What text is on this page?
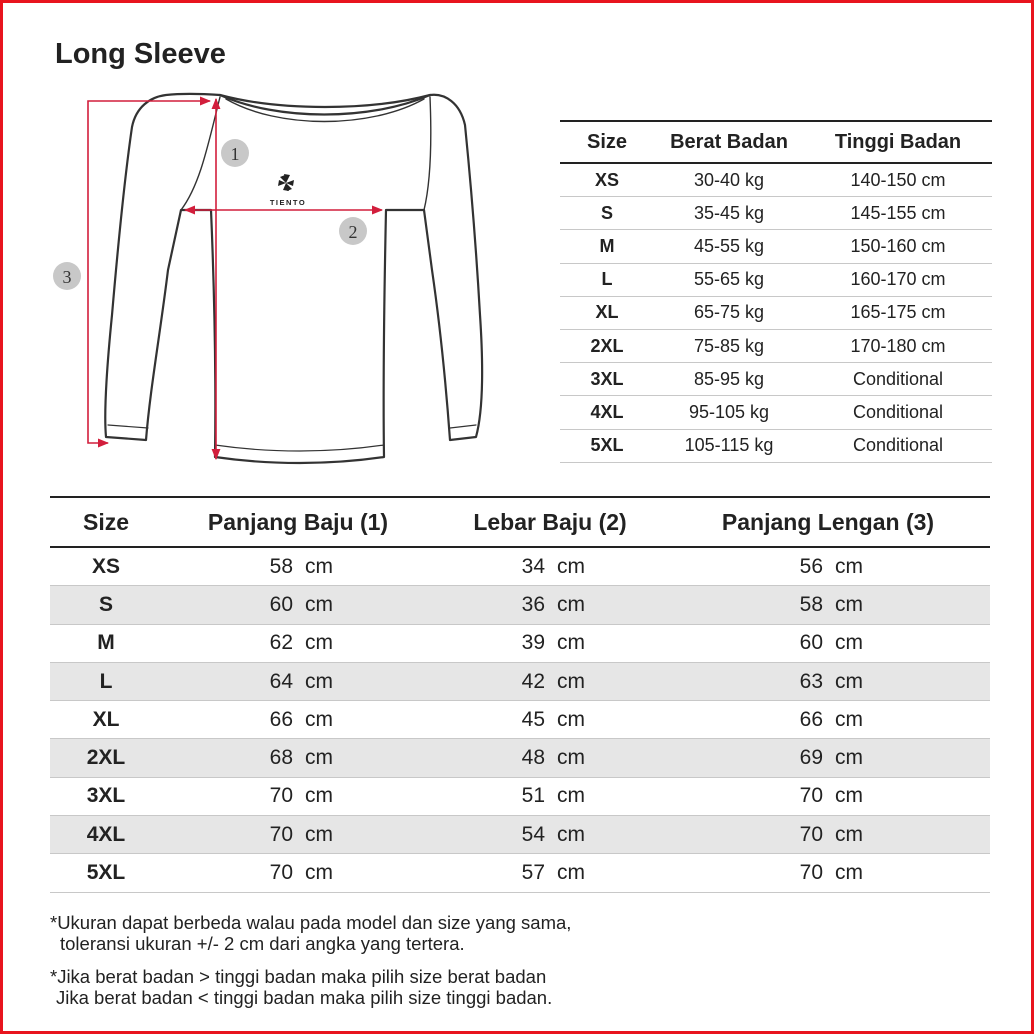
Long Sleeve
TIENTO
1
2
3
Size	Berat Badan	Tinggi Badan
XS	30-40 kg	140-150 cm
S	35-45 kg	145-155 cm
M	45-55 kg	150-160 cm
L	55-65 kg	160-170 cm
XL	65-75 kg	165-175 cm
2XL	75-85 kg	170-180 cm
3XL	85-95 kg	Conditional
4XL	95-105 kg	Conditional
5XL	105-115 kg	Conditional
Size	Panjang Baju (1)	Lebar Baju (2)	Panjang Lengan (3)
XS	58 cm	34 cm	56 cm
S	60 cm	36 cm	58 cm
M	62 cm	39 cm	60 cm
L	64 cm	42 cm	63 cm
XL	66 cm	45 cm	66 cm
2XL	68 cm	48 cm	69 cm
3XL	70 cm	51 cm	70 cm
4XL	70 cm	54 cm	70 cm
5XL	70 cm	57 cm	70 cm

*Ukuran dapat berbeda walau pada model dan size yang sama,
toleransi ukuran +/- 2 cm dari angka yang tertera.

*Jika berat badan > tinggi badan maka pilih size berat badan
Jika berat badan < tinggi badan maka pilih size tinggi badan.
